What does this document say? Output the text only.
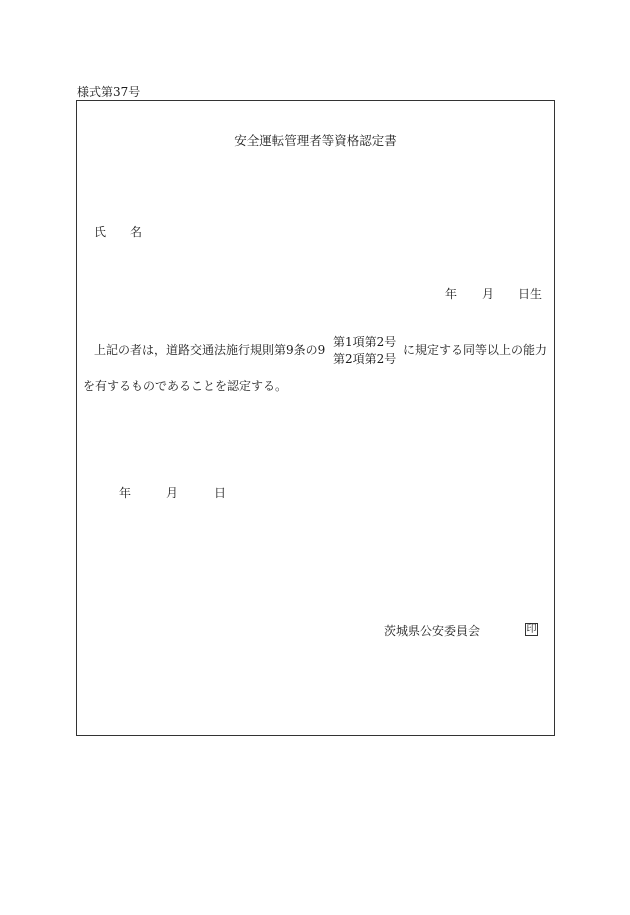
様式第37号
安全運転管理者等資格認定書
氏 名
年 月 日生
上記の者は，道路交通法施行規則第9条の9
第1項第2号
第2項第2号
に規定する同等以上の能力
を有するものであることを認定する。
年	月	日
茨城県公安委員会	印
